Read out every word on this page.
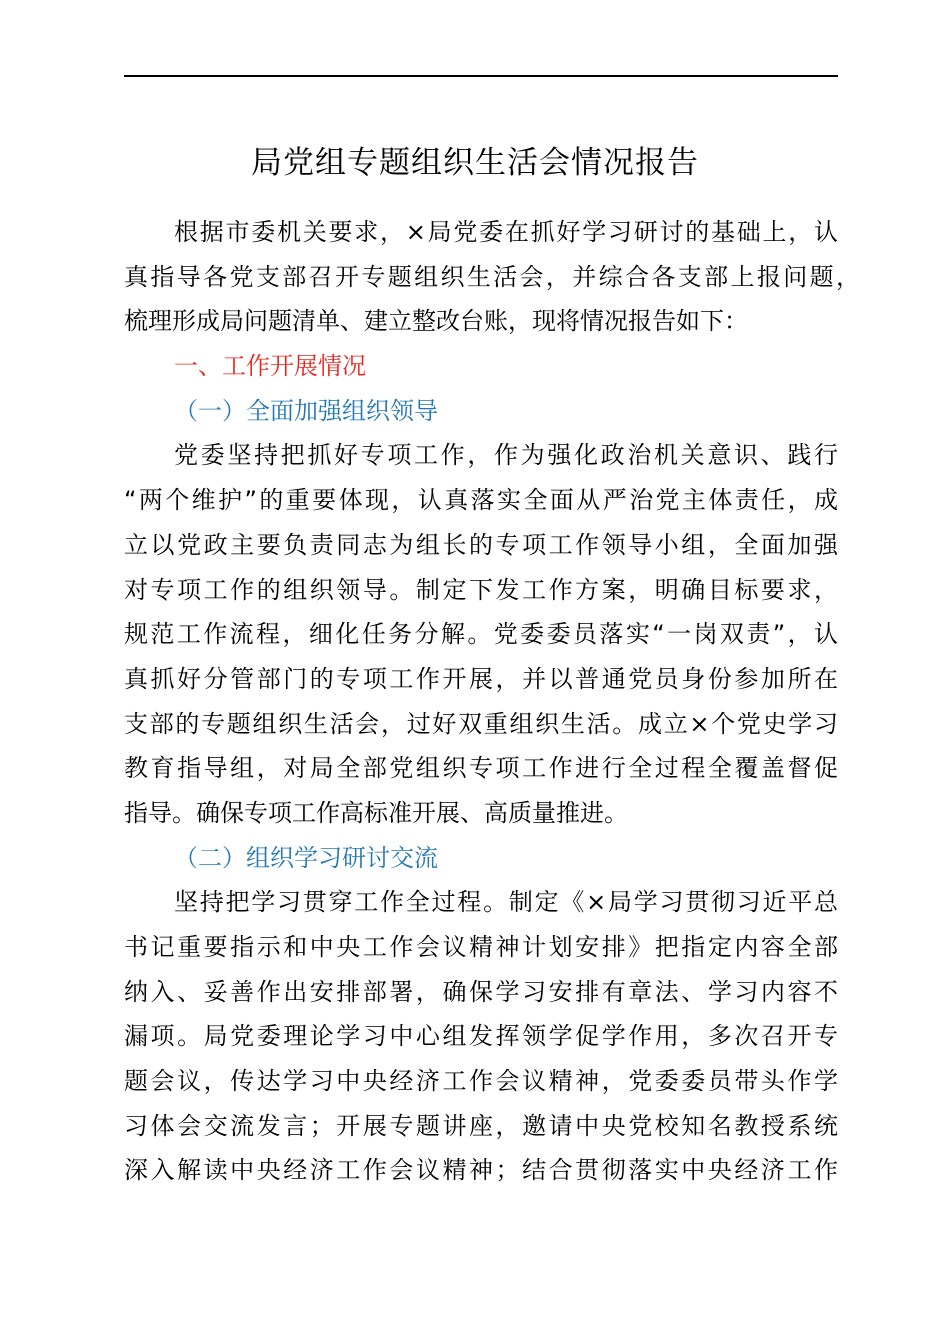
局党组专题组织生活会情况报告
根据市委机关要求，×局党委在抓好学习研讨的基础上，认
真指导各党支部召开专题组织生活会，并综合各支部上报问题，
梳理形成局问题清单、建立整改台账，现将情况报告如下：
一、工作开展情况
（一）全面加强组织领导
党委坚持把抓好专项工作，作为强化政治机关意识、践行
“两个维护”的重要体现，认真落实全面从严治党主体责任，成
立以党政主要负责同志为组长的专项工作领导小组，全面加强
对专项工作的组织领导。制定下发工作方案，明确目标要求，
规范工作流程，细化任务分解。党委委员落实“一岗双责”，认
真抓好分管部门的专项工作开展，并以普通党员身份参加所在
支部的专题组织生活会，过好双重组织生活。成立×个党史学习
教育指导组，对局全部党组织专项工作进行全过程全覆盖督促
指导。确保专项工作高标准开展、高质量推进。
（二）组织学习研讨交流
坚持把学习贯穿工作全过程。制定《×局学习贯彻习近平总
书记重要指示和中央工作会议精神计划安排》把指定内容全部
纳入、妥善作出安排部署，确保学习安排有章法、学习内容不
漏项。局党委理论学习中心组发挥领学促学作用，多次召开专
题会议，传达学习中央经济工作会议精神，党委委员带头作学
习体会交流发言；开展专题讲座，邀请中央党校知名教授系统
深入解读中央经济工作会议精神；结合贯彻落实中央经济工作
